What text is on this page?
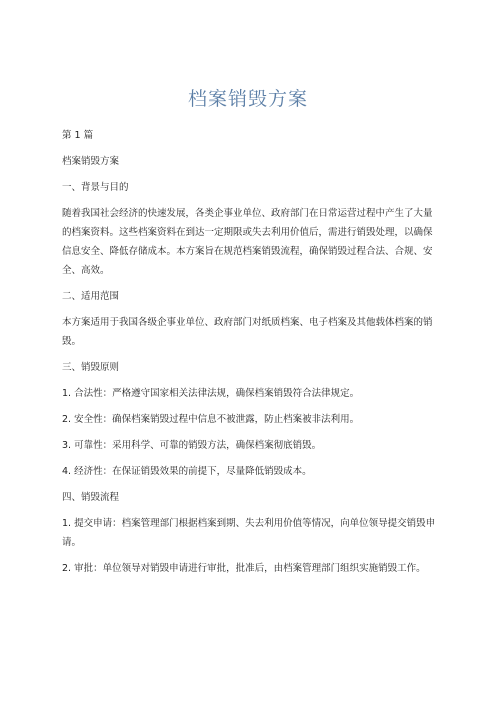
档案销毁方案

第 1 篇

档案销毁方案

一、背景与目的

随着我国社会经济的快速发展，各类企事业单位、政府部门在日常运营过程中产生了大量的档案资料。这些档案资料在到达一定期限或失去利用价值后，需进行销毁处理，以确保信息安全、降低存储成本。本方案旨在规范档案销毁流程，确保销毁过程合法、合规、安全、高效。

二、适用范围

本方案适用于我国各级企事业单位、政府部门对纸质档案、电子档案及其他载体档案的销毁。

三、销毁原则

1. 合法性：严格遵守国家相关法律法规，确保档案销毁符合法律规定。

2. 安全性：确保档案销毁过程中信息不被泄露，防止档案被非法利用。

3. 可靠性：采用科学、可靠的销毁方法，确保档案彻底销毁。

4. 经济性：在保证销毁效果的前提下，尽量降低销毁成本。

四、销毁流程

1. 提交申请：档案管理部门根据档案到期、失去利用价值等情况，向单位领导提交销毁申请。

2. 审批：单位领导对销毁申请进行审批，批准后，由档案管理部门组织实施销毁工作。
